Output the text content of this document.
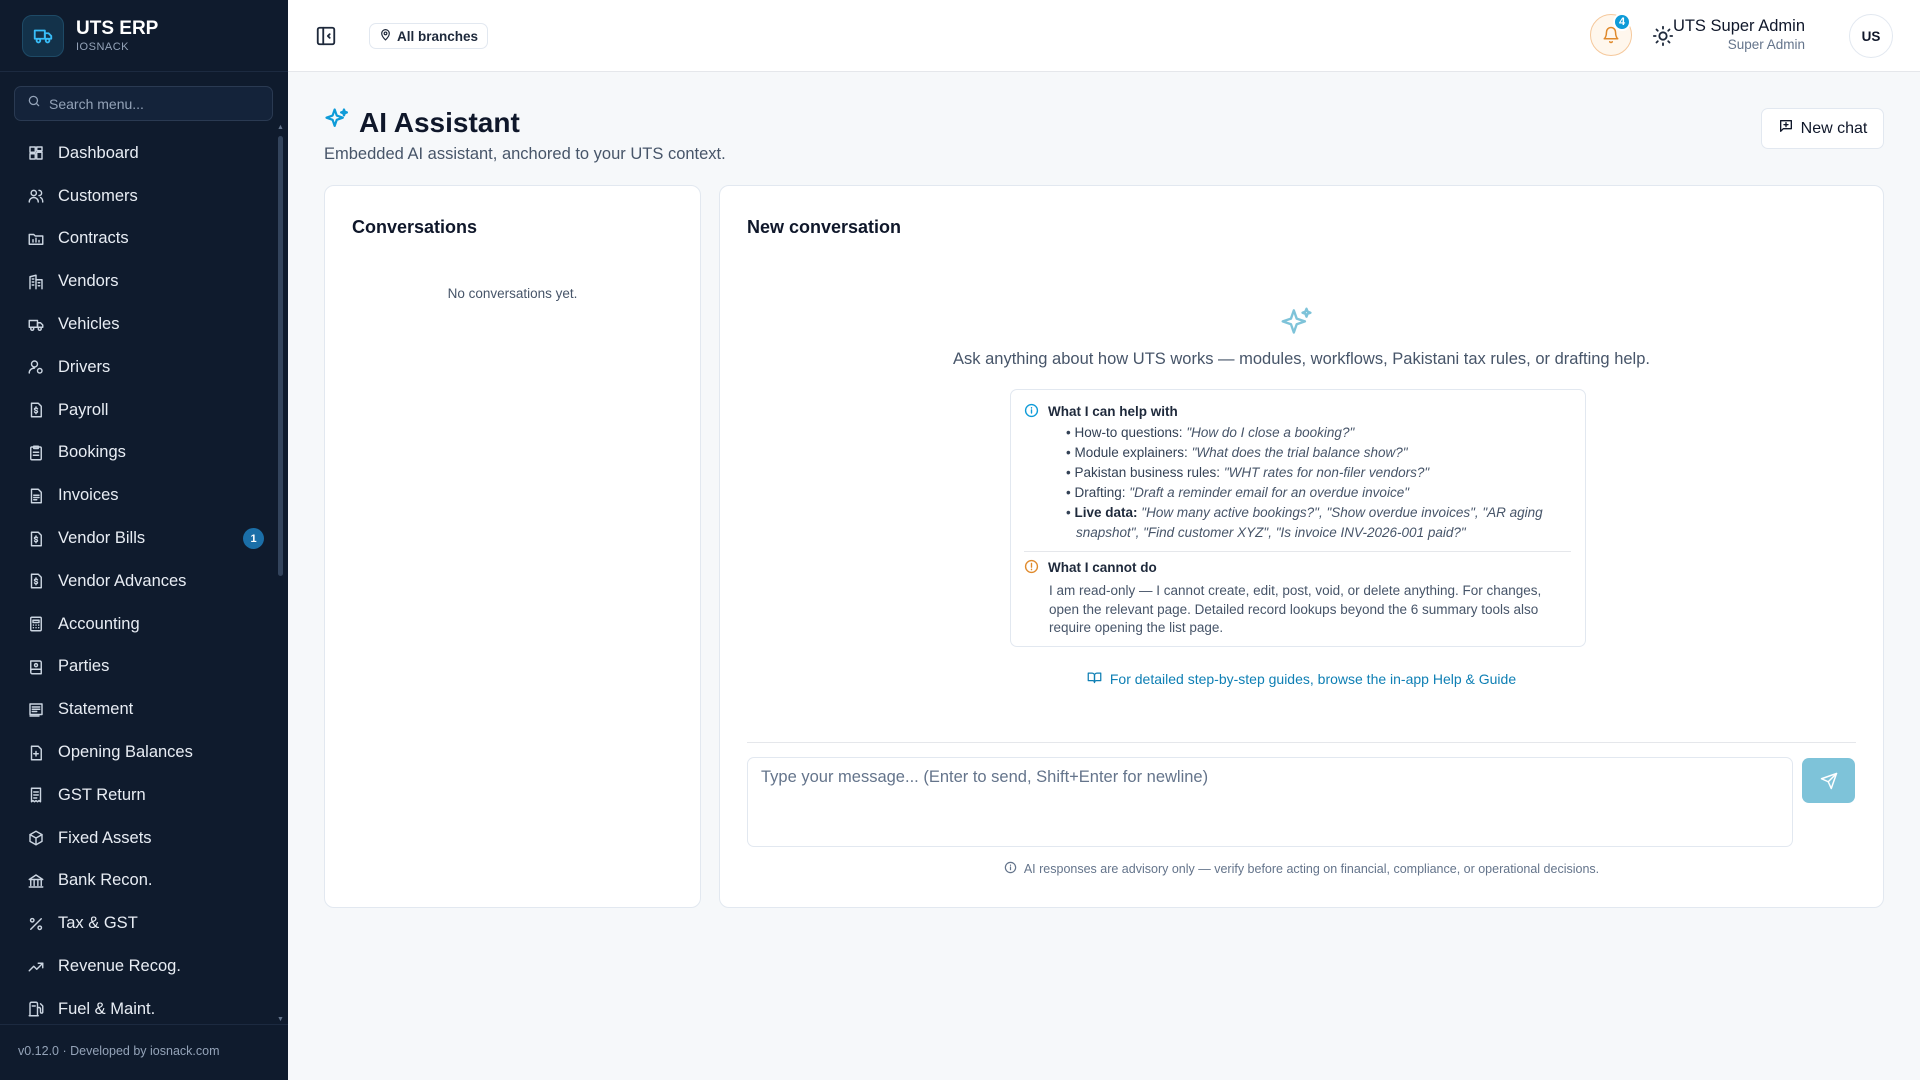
UTS ERP
IOSNACK
Search menu...
Dashboard
Customers
Contracts
Vendors
Vehicles
Drivers
Payroll
Bookings
Invoices
Vendor Bills	1
Vendor Advances
Accounting
Parties
Statement
Opening Balances
GST Return
Fixed Assets
Bank Recon.
Tax & GST
Revenue Recog.
Fuel & Maint.
▲
▼
v0.12.0 · Developed by iosnack.com
All branches
4	UTS Super Admin
Super Admin
US
AI Assistant
Embedded AI assistant, anchored to your UTS context.
New chat
Conversations
No conversations yet.
New conversation
Ask anything about how UTS works — modules, workflows, Pakistani tax rules, or drafting help.
What I can help with
• How-to questions: "How do I close a booking?"
• Module explainers: "What does the trial balance show?"
• Pakistan business rules: "WHT rates for non-filer vendors?"
• Drafting: "Draft a reminder email for an overdue invoice"
• Live data: "How many active bookings?", "Show overdue invoices", "AR aging snapshot", "Find customer XYZ", "Is invoice INV-2026-001 paid?"
What I cannot do
I am read-only — I cannot create, edit, post, void, or delete anything. For changes, open the relevant page. Detailed record lookups beyond the 6 summary tools also require opening the list page.
For detailed step-by-step guides, browse the in-app Help & Guide
Type your message... (Enter to send, Shift+Enter for newline)
AI responses are advisory only — verify before acting on financial, compliance, or operational decisions.
